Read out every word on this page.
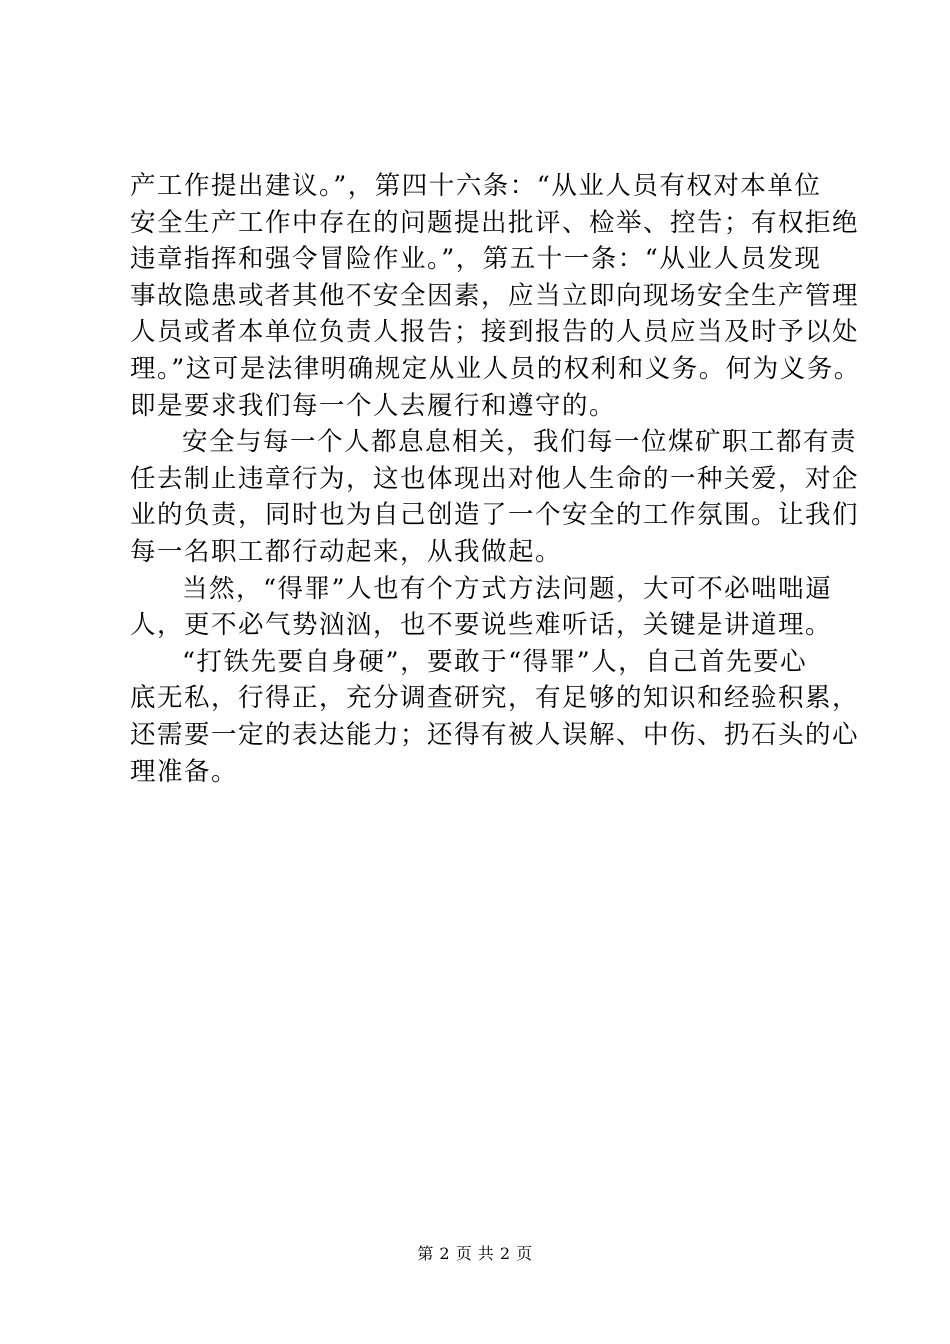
产工作提出建议。”，第四十六条：“从业人员有权对本单位
安全生产工作中存在的问题提出批评、检举、控告；有权拒绝
违章指挥和强令冒险作业。”，第五十一条：“从业人员发现
事故隐患或者其他不安全因素，应当立即向现场安全生产管理
人员或者本单位负责人报告；接到报告的人员应当及时予以处
理。”这可是法律明确规定从业人员的权利和义务。何为义务。
即是要求我们每一个人去履行和遵守的。
安全与每一个人都息息相关，我们每一位煤矿职工都有责
任去制止违章行为，这也体现出对他人生命的一种关爱，对企
业的负责，同时也为自己创造了一个安全的工作氛围。让我们
每一名职工都行动起来，从我做起。
当然，“得罪”人也有个方式方法问题，大可不必咄咄逼
人，更不必气势汹汹，也不要说些难听话，关键是讲道理。
“打铁先要自身硬”，要敢于“得罪”人，自己首先要心
底无私，行得正，充分调查研究，有足够的知识和经验积累，
还需要一定的表达能力；还得有被人误解、中伤、扔石头的心
理准备。
第 2 页 共 2 页
